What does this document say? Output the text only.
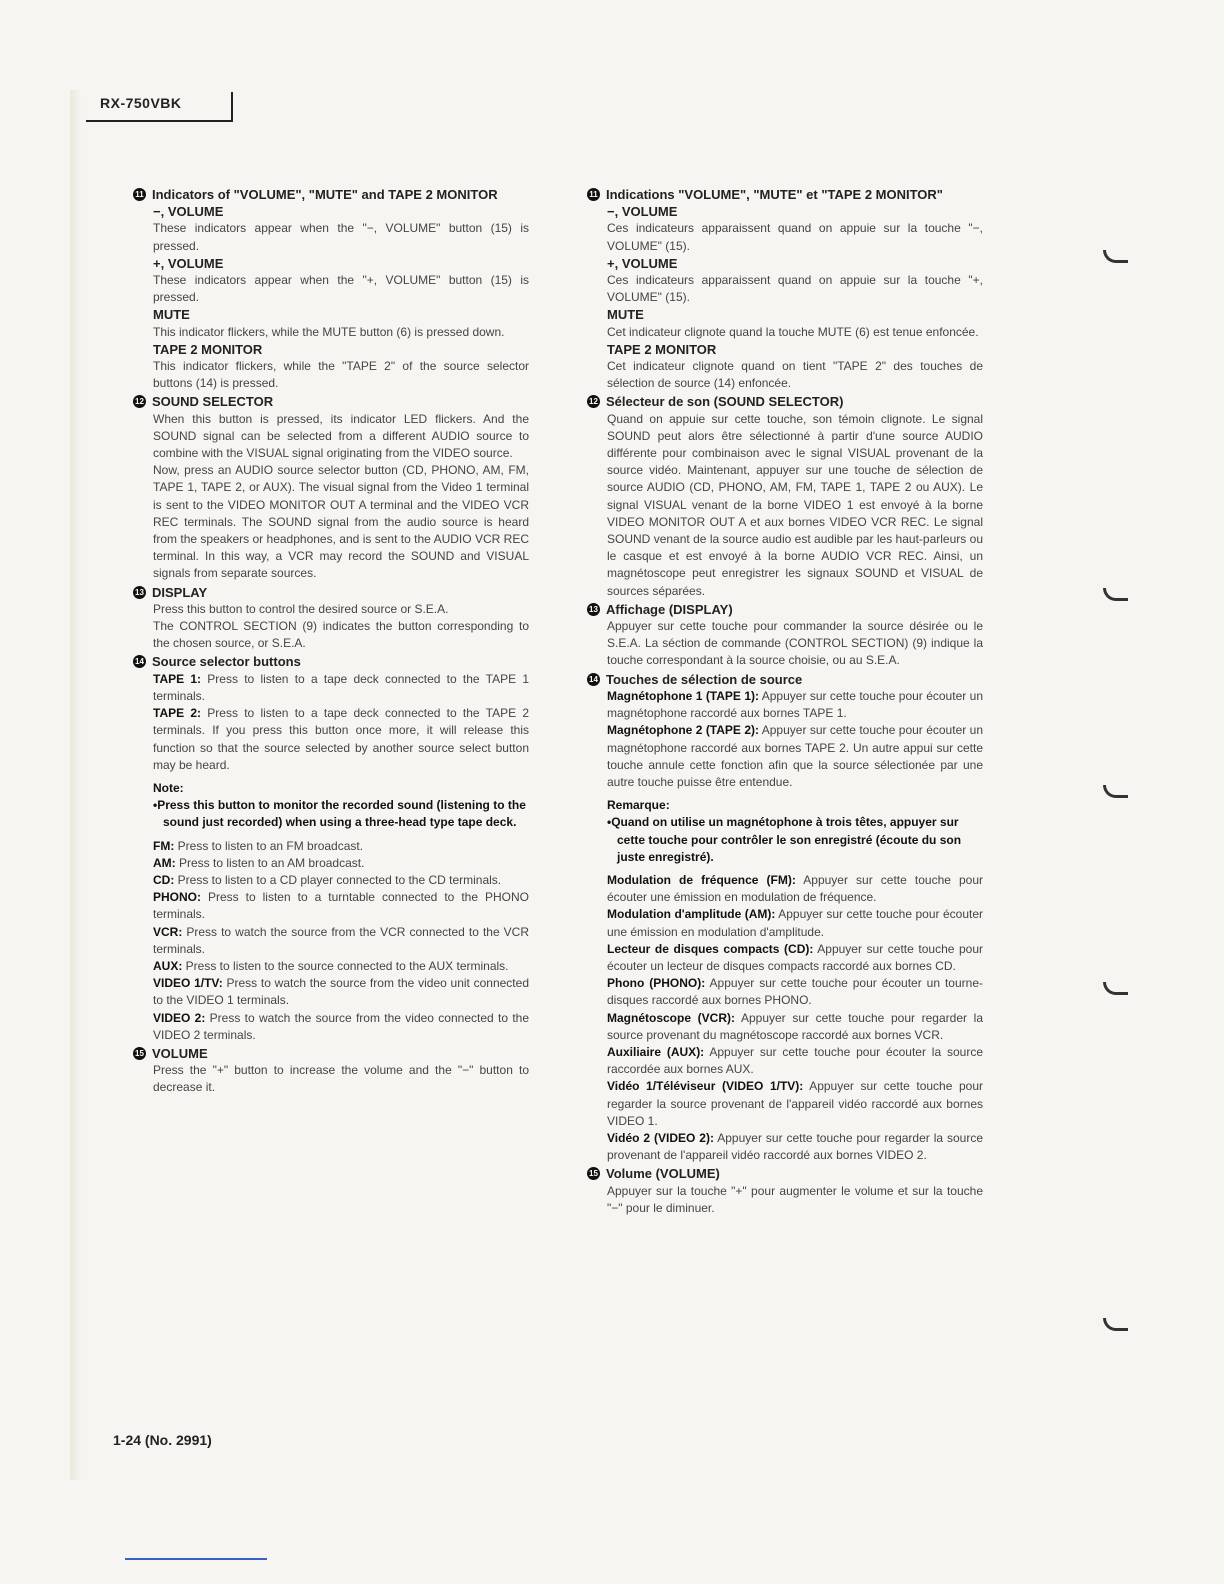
RX-750VBK
11 Indicators of "VOLUME", "MUTE" and TAPE 2 MONITOR
−, VOLUME
These indicators appear when the "−, VOLUME" button (15) is pressed.
+, VOLUME
These indicators appear when the "+, VOLUME" button (15) is pressed.
MUTE
This indicator flickers, while the MUTE button (6) is pressed down.
TAPE 2 MONITOR
This indicator flickers, while the "TAPE 2" of the source selector buttons (14) is pressed.
12 SOUND SELECTOR
When this button is pressed, its indicator LED flickers. And the SOUND signal can be selected from a different AUDIO source to combine with the VISUAL signal originating from the VIDEO source.
Now, press an AUDIO source selector button (CD, PHONO, AM, FM, TAPE 1, TAPE 2, or AUX). The visual signal from the Video 1 terminal is sent to the VIDEO MONITOR OUT A terminal and the VIDEO VCR REC terminals. The SOUND signal from the audio source is heard from the speakers or headphones, and is sent to the AUDIO VCR REC terminal. In this way, a VCR may record the SOUND and VISUAL signals from separate sources.
13 DISPLAY
Press this button to control the desired source or S.E.A.
The CONTROL SECTION (9) indicates the button corresponding to the chosen source, or S.E.A.
14 Source selector buttons

TAPE 1: Press to listen to a tape deck connected to the TAPE 1 terminals.

TAPE 2: Press to listen to a tape deck connected to the TAPE 2 terminals. If you press this button once more, it will release this function so that the source selected by another source select button may be heard.

Note:
•Press this button to monitor the recorded sound (listening to the sound just recorded) when using a three-head type tape deck.

FM: Press to listen to an FM broadcast.

AM: Press to listen to an AM broadcast.

CD: Press to listen to a CD player connected to the CD terminals.

PHONO: Press to listen to a turntable connected to the PHONO terminals.

VCR: Press to watch the source from the VCR connected to the VCR terminals.

AUX: Press to listen to the source connected to the AUX terminals.

VIDEO 1/TV: Press to watch the source from the video unit connected to the VIDEO 1 terminals.

VIDEO 2: Press to watch the source from the video connected to the VIDEO 2 terminals.

15 VOLUME
Press the "+" button to increase the volume and the "−" button to decrease it.
11 Indications "VOLUME", "MUTE" et "TAPE 2 MONITOR"
−, VOLUME
Ces indicateurs apparaissent quand on appuie sur la touche "−, VOLUME" (15).
+, VOLUME
Ces indicateurs apparaissent quand on appuie sur la touche "+, VOLUME" (15).
MUTE
Cet indicateur clignote quand la touche MUTE (6) est tenue enfoncée.
TAPE 2 MONITOR
Cet indicateur clignote quand on tient "TAPE 2" des touches de sélection de source (14) enfoncée.
12 Sélecteur de son (SOUND SELECTOR)
Quand on appuie sur cette touche, son témoin clignote. Le signal SOUND peut alors être sélectionné à partir d'une source AUDIO différente pour combinaison avec le signal VISUAL provenant de la source vidéo. Maintenant, appuyer sur une touche de sélection de source AUDIO (CD, PHONO, AM, FM, TAPE 1, TAPE 2 ou AUX). Le signal VISUAL venant de la borne VIDEO 1 est envoyé à la borne VIDEO MONITOR OUT A et aux bornes VIDEO VCR REC. Le signal SOUND venant de la source audio est audible par les haut-parleurs ou le casque et est envoyé à la borne AUDIO VCR REC. Ainsi, un magnétoscope peut enregistrer les signaux SOUND et VISUAL de sources séparées.
13 Affichage (DISPLAY)
Appuyer sur cette touche pour commander la source désirée ou le S.E.A. La séction de commande (CONTROL SECTION) (9) indique la touche correspondant à la source choisie, ou au S.E.A.
14 Touches de sélection de source

Magnétophone 1 (TAPE 1): Appuyer sur cette touche pour écouter un magnétophone raccordé aux bornes TAPE 1.

Magnétophone 2 (TAPE 2): Appuyer sur cette touche pour écouter un magnétophone raccordé aux bornes TAPE 2. Un autre appui sur cette touche annule cette fonction afin que la source sélectionée par une autre touche puisse être entendue.

Remarque:
•Quand on utilise un magnétophone à trois têtes, appuyer sur cette touche pour contrôler le son enregistré (écoute du son juste enregistré).

Modulation de fréquence (FM): Appuyer sur cette touche pour écouter une émission en modulation de fréquence.

Modulation d'amplitude (AM): Appuyer sur cette touche pour écouter une émission en modulation d'amplitude.

Lecteur de disques compacts (CD): Appuyer sur cette touche pour écouter un lecteur de disques compacts raccordé aux bornes CD.

Phono (PHONO): Appuyer sur cette touche pour écouter un tourne-disques raccordé aux bornes PHONO.

Magnétoscope (VCR): Appuyer sur cette touche pour regarder la source provenant du magnétoscope raccordé aux bornes VCR.

Auxiliaire (AUX): Appuyer sur cette touche pour écouter la source raccordée aux bornes AUX.

Vidéo 1/Téléviseur (VIDEO 1/TV): Appuyer sur cette touche pour regarder la source provenant de l'appareil vidéo raccordé aux bornes VIDEO 1.

Vidéo 2 (VIDEO 2): Appuyer sur cette touche pour regarder la source provenant de l'appareil vidéo raccordé aux bornes VIDEO 2.

15 Volume (VOLUME)
Appuyer sur la touche "+" pour augmenter le volume et sur la touche "−" pour le diminuer.
1-24 (No. 2991)
